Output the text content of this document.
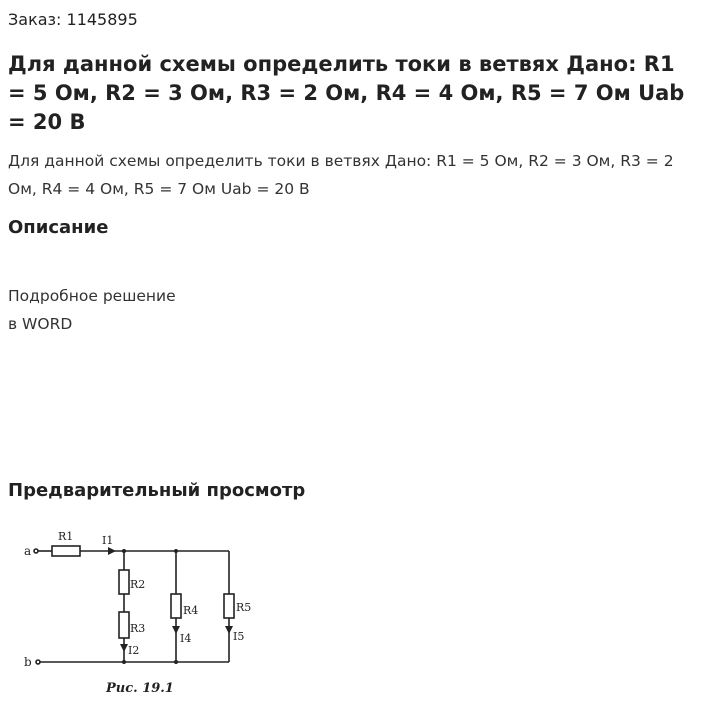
Заказ: 1145895
Для данной схемы определить токи в ветвях Дано: R1 = 5 Ом, R2 = 3 Ом, R3 = 2 Ом, R4 = 4 Ом, R5 = 7 Ом Uab = 20 В
Для данной схемы определить токи в ветвях Дано: R1 = 5 Ом, R2 = 3 Ом, R3 = 2 Ом, R4 = 4 Ом, R5 = 7 Ом Uab = 20 В
Описание
Подробное решение
в WORD
Предварительный просмотр
a
b
R1	I1
R2
R3
I2
R4
I4
R5
I5
Рис. 19.1
